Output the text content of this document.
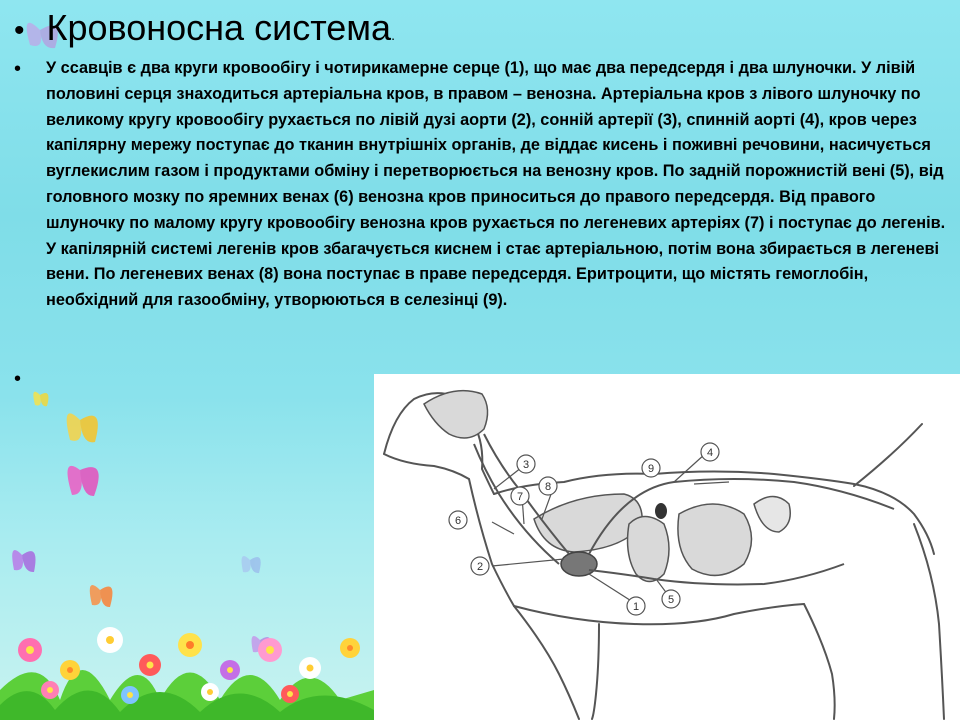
• Кровоносна система.
•	У ссавців є два круги кровообігу і чотирикамерне серце (1), що має два передсердя і два шлуночки. У лівій половині серця знаходиться артеріальна кров, в правом – венозна. Артеріальна кров з лівого шлуночку по великому кругу кровообігу рухається по лівій дузі аорти (2), сонній артерії (3), спинній аорті (4), кров через капілярну мережу поступає до тканин внутрішніх органів, де віддає кисень і поживні речовини, насичується вуглекислим газом і продуктами обміну і перетворюється на венозну кров. По задній порожнистій вені (5), від головного мозку по яремних венах (6) венозна кров приноситься до правого передсердя. Від правого шлуночку по малому кругу кровообігу венозна кров рухається по легеневих артеріях (7) і поступає до легенів. У капілярній системі легенів кров збагачується киснем і стає артеріальною, потім вона збирається в легеневі вени. По легеневих венах (8) вона поступає в праве передсердя. Еритроцити, що містять гемоглобін, необхідний для газообміну, утворюються в селезінці (9).
•
1
2
3
4
5
6
7
8
9
